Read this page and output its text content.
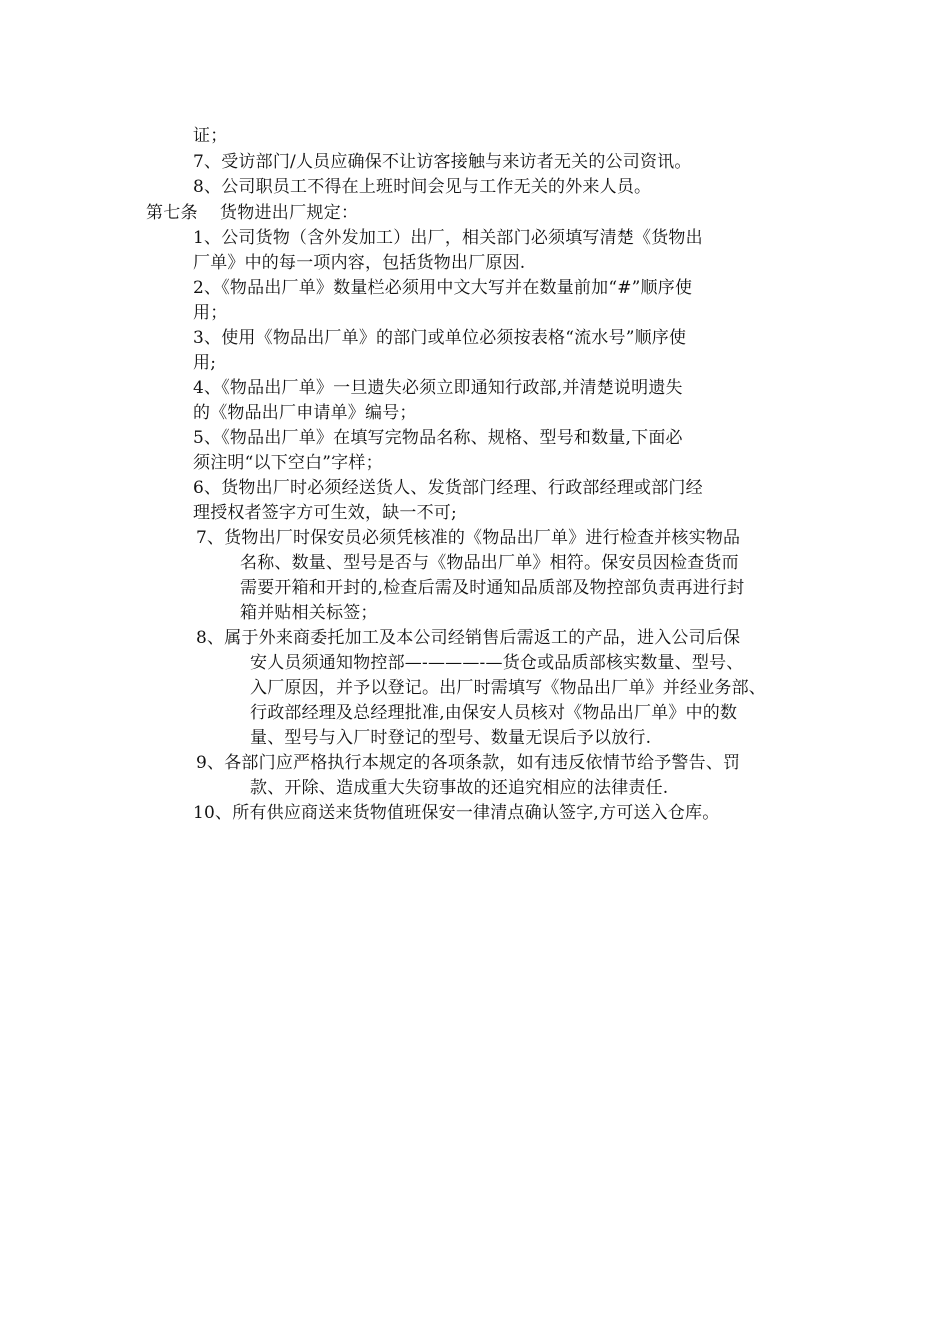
证；
7、受访部门/人员应确保不让访客接触与来访者无关的公司资讯。
8、公司职员工不得在上班时间会见与工作无关的外来人员。
第七条 货物进出厂规定：
1、公司货物（含外发加工）出厂，相关部门必须填写清楚《货物出
厂单》中的每一项内容，包括货物出厂原因.
2、《物品出厂单》数量栏必须用中文大写并在数量前加“#”顺序使
用；
3、使用《物品出厂单》的部门或单位必须按表格“流水号”顺序使
用;
4、《物品出厂单》一旦遗失必须立即通知行政部,并清楚说明遗失
的《物品出厂申请单》编号；
5、《物品出厂单》在填写完物品名称、规格、型号和数量,下面必
须注明“以下空白”字样；
6、货物出厂时必须经送货人、发货部门经理、行政部经理或部门经
理授权者签字方可生效，缺一不可;
7、货物出厂时保安员必须凭核准的《物品出厂单》进行检查并核实物品
名称、数量、型号是否与《物品出厂单》相符。保安员因检查货而
需要开箱和开封的,检查后需及时通知品质部及物控部负责再进行封
箱并贴相关标签；
8、属于外来商委托加工及本公司经销售后需返工的产品，进入公司后保
安人员须通知物控部—-———-—货仓或品质部核实数量、型号、
入厂原因，并予以登记。出厂时需填写《物品出厂单》并经业务部、
行政部经理及总经理批准,由保安人员核对《物品出厂单》中的数
量、型号与入厂时登记的型号、数量无误后予以放行.
9、各部门应严格执行本规定的各项条款，如有违反依情节给予警告、罚
款、开除、造成重大失窃事故的还追究相应的法律责任.
10、所有供应商送来货物值班保安一律清点确认签字,方可送入仓库。
